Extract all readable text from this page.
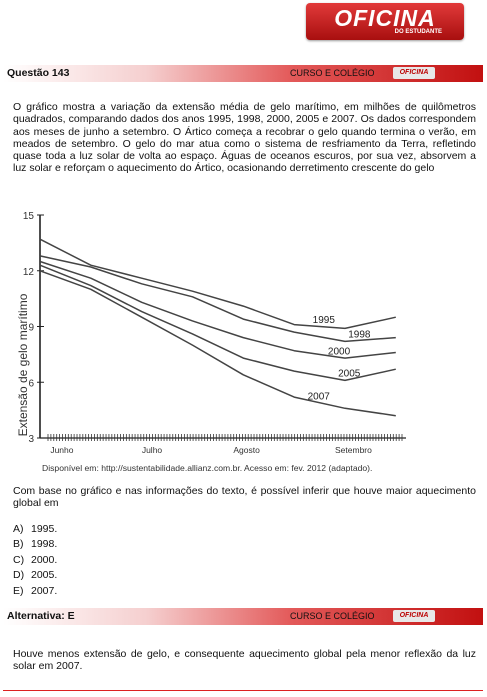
OFICINA
DO ESTUDANTE
Questão 143	CURSO E COLÉGIO	OFICINA
O gráfico mostra a variação da extensão média de gelo marítimo, em milhões de quilômetros quadrados, comparando dados dos anos 1995, 1998, 2000, 2005 e 2007. Os dados correspondem aos meses de junho a setembro. O Ártico começa a recobrar o gelo quando termina o verão, em meados de setembro. O gelo do mar atua como o sistema de resfriamento da Terra, refletindo quase toda a luz solar de volta ao espaço. Águas de oceanos escuros, por sua vez, absorvem a luz solar e reforçam o aquecimento do Ártico, ocasionando derretimento crescente do gelo
3
6
9
12
15
Junho	Julho	Agosto	Setembro
1995
1998
2000
2005
2007
Extensão de gelo marítimo
Disponível em: http://sustentabilidade.allianz.com.br. Acesso em: fev. 2012 (adaptado).
Com base no gráfico e nas informações do texto, é possível inferir que houve maior aquecimento global em
A) 1995.
B) 1998.
C) 2000.
D) 2005.
E) 2007.
Alternativa: E	CURSO E COLÉGIO	OFICINA
Houve menos extensão de gelo, e consequente aquecimento global pela menor reflexão da luz solar em 2007.
